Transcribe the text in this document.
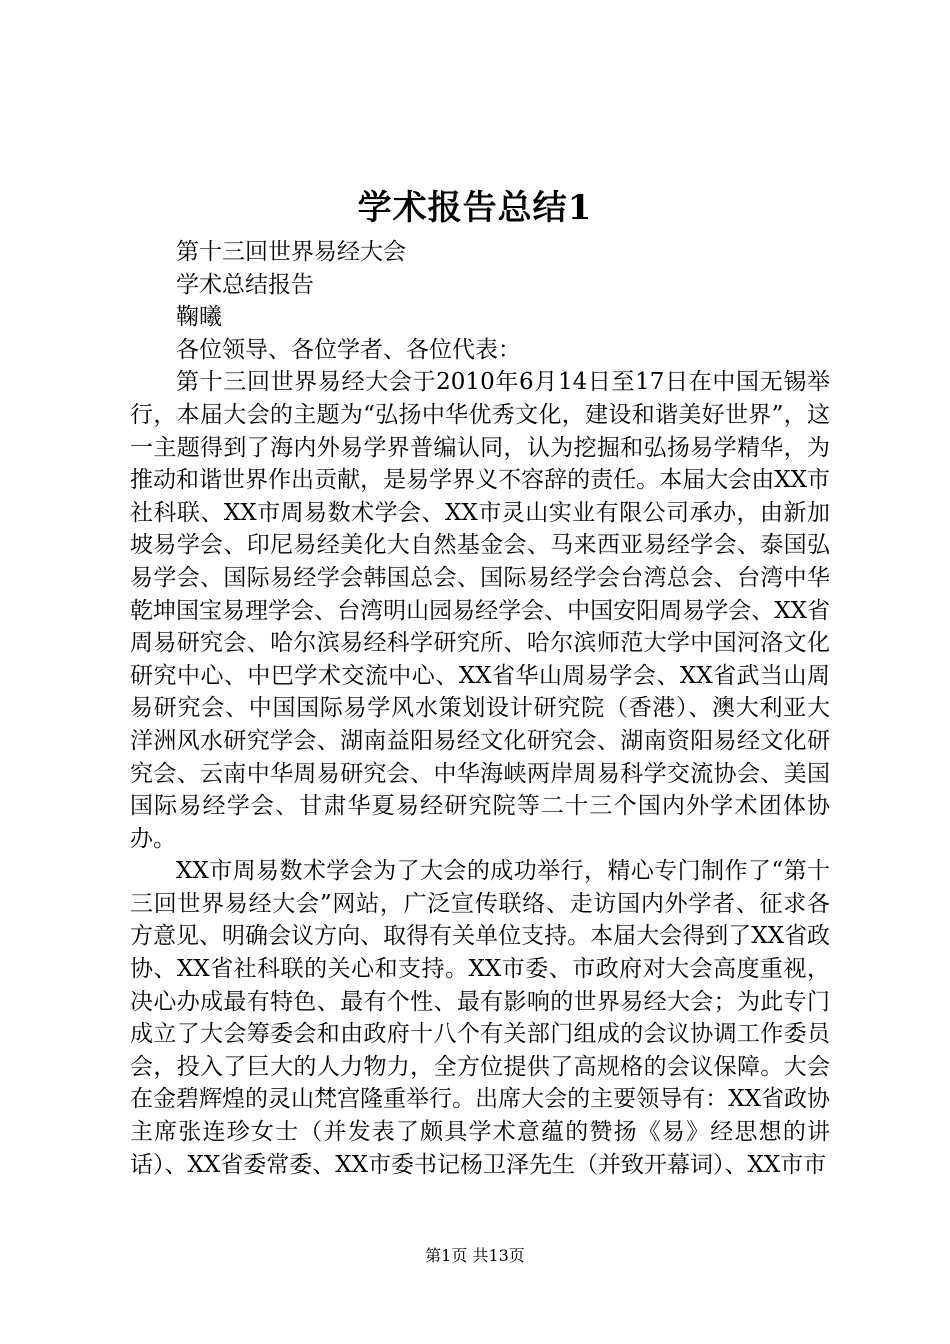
学术报告总结1

第十三回世界易经大会

学术总结报告

鞠曦

各位领导、各位学者、各位代表：

第十三回世界易经大会于2010年6月14日至17日在中国无锡举行，本届大会的主题为“弘扬中华优秀文化，建设和谐美好世界”，这一主题得到了海内外易学界普编认同，认为挖掘和弘扬易学精华，为推动和谐世界作出贡献，是易学界义不容辞的责任。本届大会由XX市社科联、XX市周易数术学会、XX市灵山实业有限公司承办，由新加坡易学会、印尼易经美化大自然基金会、马来西亚易经学会、泰国弘易学会、国际易经学会韩国总会、国际易经学会台湾总会、台湾中华乾坤国宝易理学会、台湾明山园易经学会、中国安阳周易学会、XX省周易研究会、哈尔滨易经科学研究所、哈尔滨师范大学中国河洛文化研究中心、中巴学术交流中心、XX省华山周易学会、XX省武当山周易研究会、中国国际易学风水策划设计研究院（香港）、澳大利亚大洋洲风水研究学会、湖南益阳易经文化研究会、湖南资阳易经文化研究会、云南中华周易研究会、中华海峡两岸周易科学交流协会、美国国际易经学会、甘肃华夏易经研究院等二十三个国内外学术团体协办。

XX市周易数术学会为了大会的成功举行，精心专门制作了“第十三回世界易经大会”网站，广泛宣传联络、走访国内外学者、征求各方意见、明确会议方向、取得有关单位支持。本届大会得到了XX省政协、XX省社科联的关心和支持。XX市委、市政府对大会高度重视，决心办成最有特色、最有个性、最有影响的世界易经大会；为此专门成立了大会筹委会和由政府十八个有关部门组成的会议协调工作委员会，投入了巨大的人力物力，全方位提供了高规格的会议保障。大会在金碧辉煌的灵山梵宫隆重举行。出席大会的主要领导有：XX省政协主席张连珍女士（并发表了颇具学术意蕴的赞扬《易》经思想的讲话）、XX省委常委、XX市委书记杨卫泽先生（并致开幕词）、XX市市

第1页 共13页
